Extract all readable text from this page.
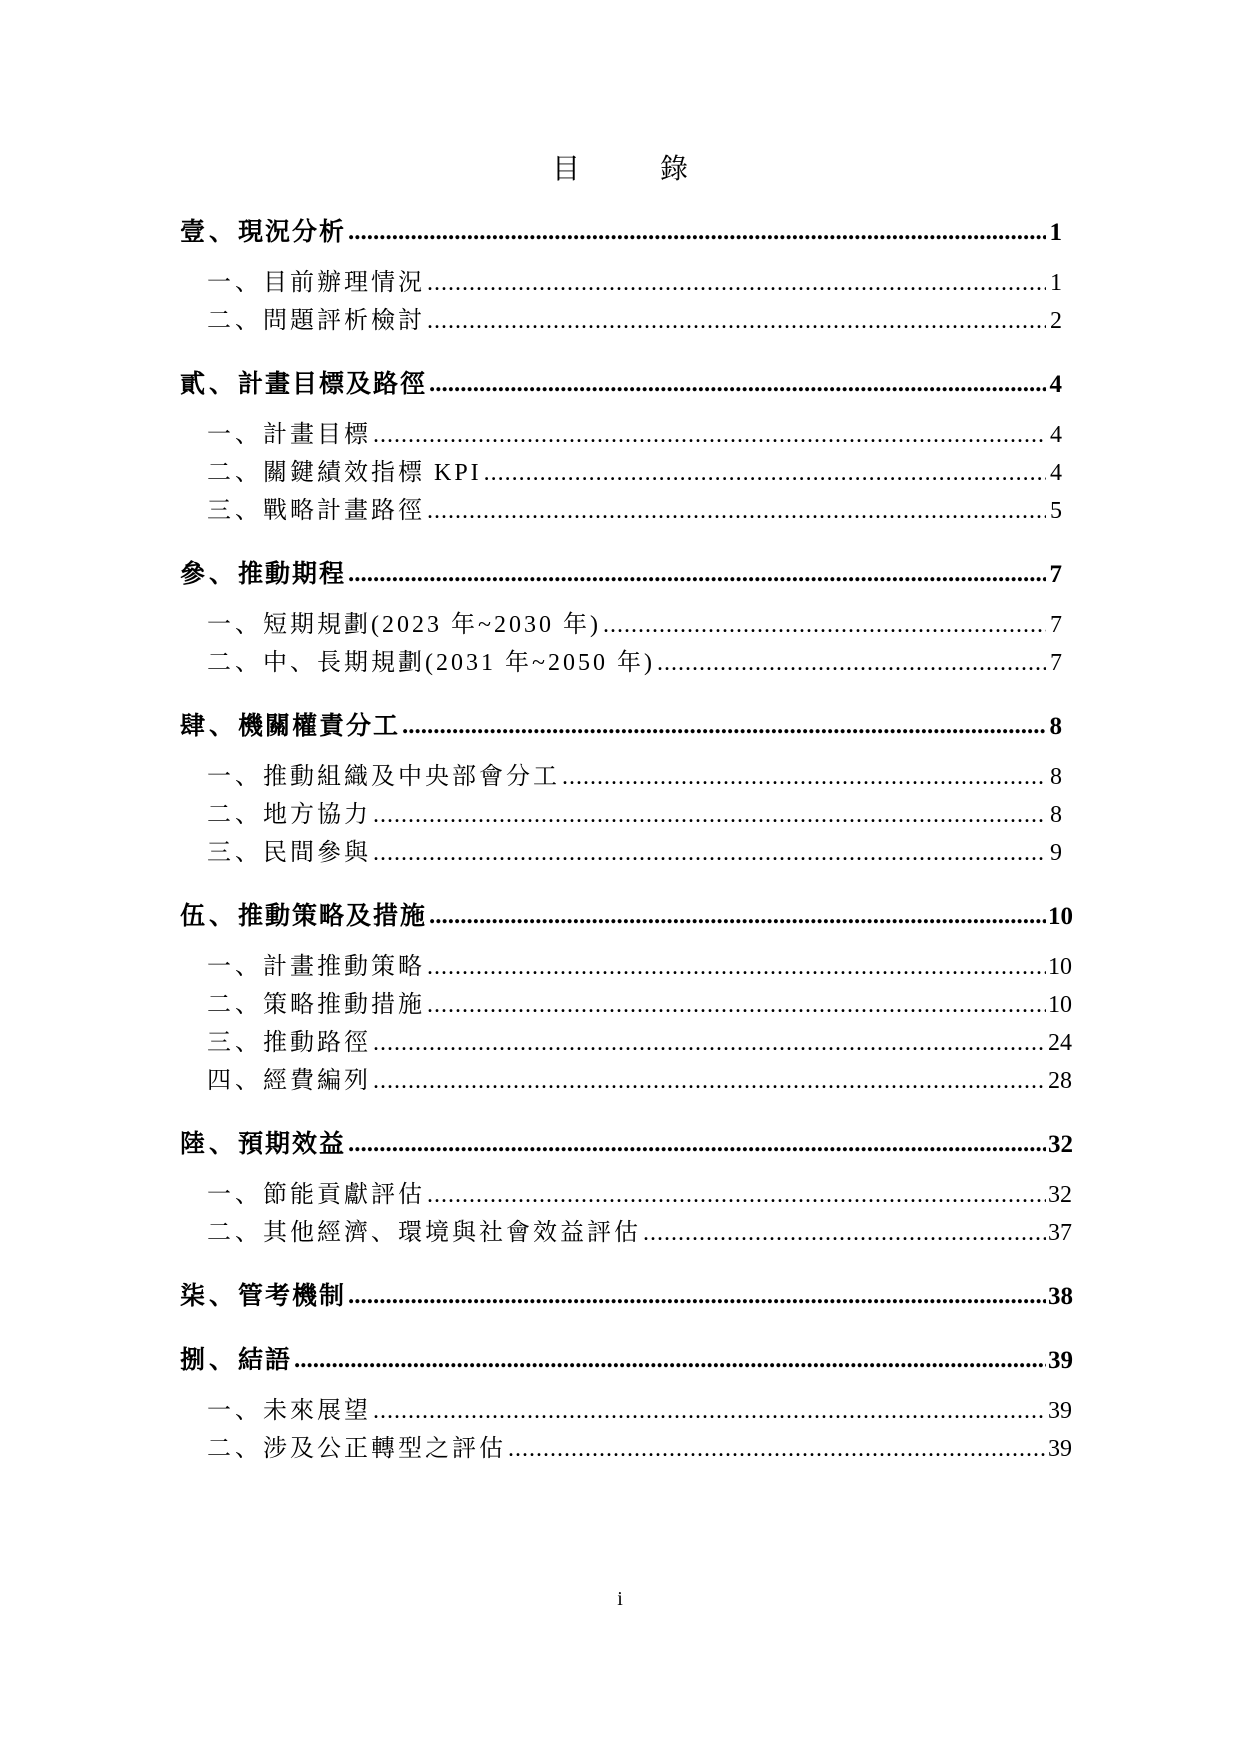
目	錄
壹、 現況分析 .....	1
一、 目前辦理情況 .....	1
二、 問題評析檢討 .....	2
貳、 計畫目標及路徑 .....	4
一、 計畫目標 .....	4
二、 關鍵績效指標 KPI .....	4
三、 戰略計畫路徑 .....	5
參、 推動期程 .....	7
一、 短期規劃(2023 年~2030 年) .....	7
二、 中、長期規劃(2031 年~2050 年) .....	7
肆、 機關權責分工 .....	8
一、 推動組織及中央部會分工 .....	8
二、 地方協力 .....	8
三、 民間參與 .....	9
伍、 推動策略及措施 .....	10
一、 計畫推動策略 .....	10
二、 策略推動措施 .....	10
三、 推動路徑 .....	24
四、 經費編列 .....	28
陸、 預期效益 .....	32
一、 節能貢獻評估 .....	32
二、 其他經濟、環境與社會效益評估 .....	37
柒、 管考機制 .....	38
捌、 結語 .....	39
一、 未來展望 .....	39
二、 涉及公正轉型之評估 .....	39
i
